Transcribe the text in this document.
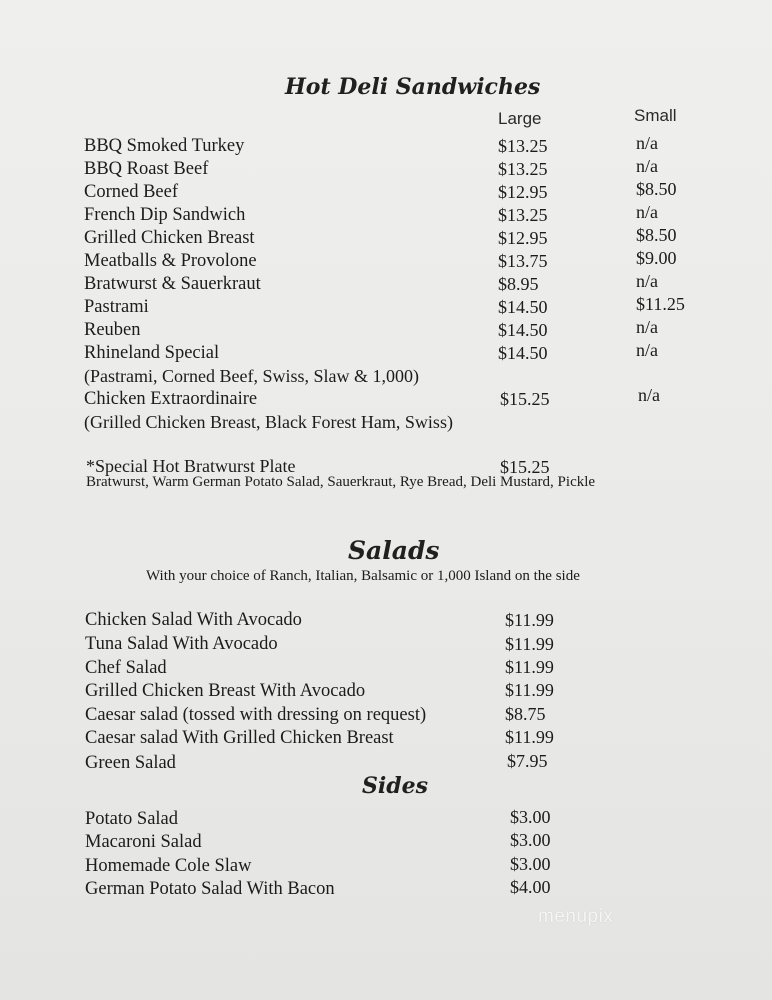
Hot Deli Sandwiches
Large	Small
BBQ Smoked Turkey	$13.25	n/a
BBQ Roast Beef	$13.25	n/a
Corned Beef	$12.95	$8.50
French Dip Sandwich	$13.25	n/a
Grilled Chicken Breast	$12.95	$8.50
Meatballs & Provolone	$13.75	$9.00
Bratwurst & Sauerkraut	$8.95	n/a
Pastrami	$14.50	$11.25
Reuben	$14.50	n/a
Rhineland Special	$14.50	n/a
(Pastrami, Corned Beef, Swiss, Slaw & 1,000)
Chicken Extraordinaire	$15.25	n/a
(Grilled Chicken Breast, Black Forest Ham, Swiss)
*Special Hot Bratwurst Plate	$15.25
Bratwurst, Warm German Potato Salad, Sauerkraut, Rye Bread, Deli Mustard, Pickle
Salads
With your choice of Ranch, Italian, Balsamic or 1,000 Island on the side
Chicken Salad With Avocado	$11.99
Tuna Salad With Avocado	$11.99
Chef Salad	$11.99
Grilled Chicken Breast With Avocado	$11.99
Caesar salad (tossed with dressing on request)	$8.75
Caesar salad With Grilled Chicken Breast	$11.99
Green Salad	$7.95
Sides
Potato Salad	$3.00
Macaroni Salad	$3.00
Homemade Cole Slaw	$3.00
German Potato Salad With Bacon	$4.00
menupix
